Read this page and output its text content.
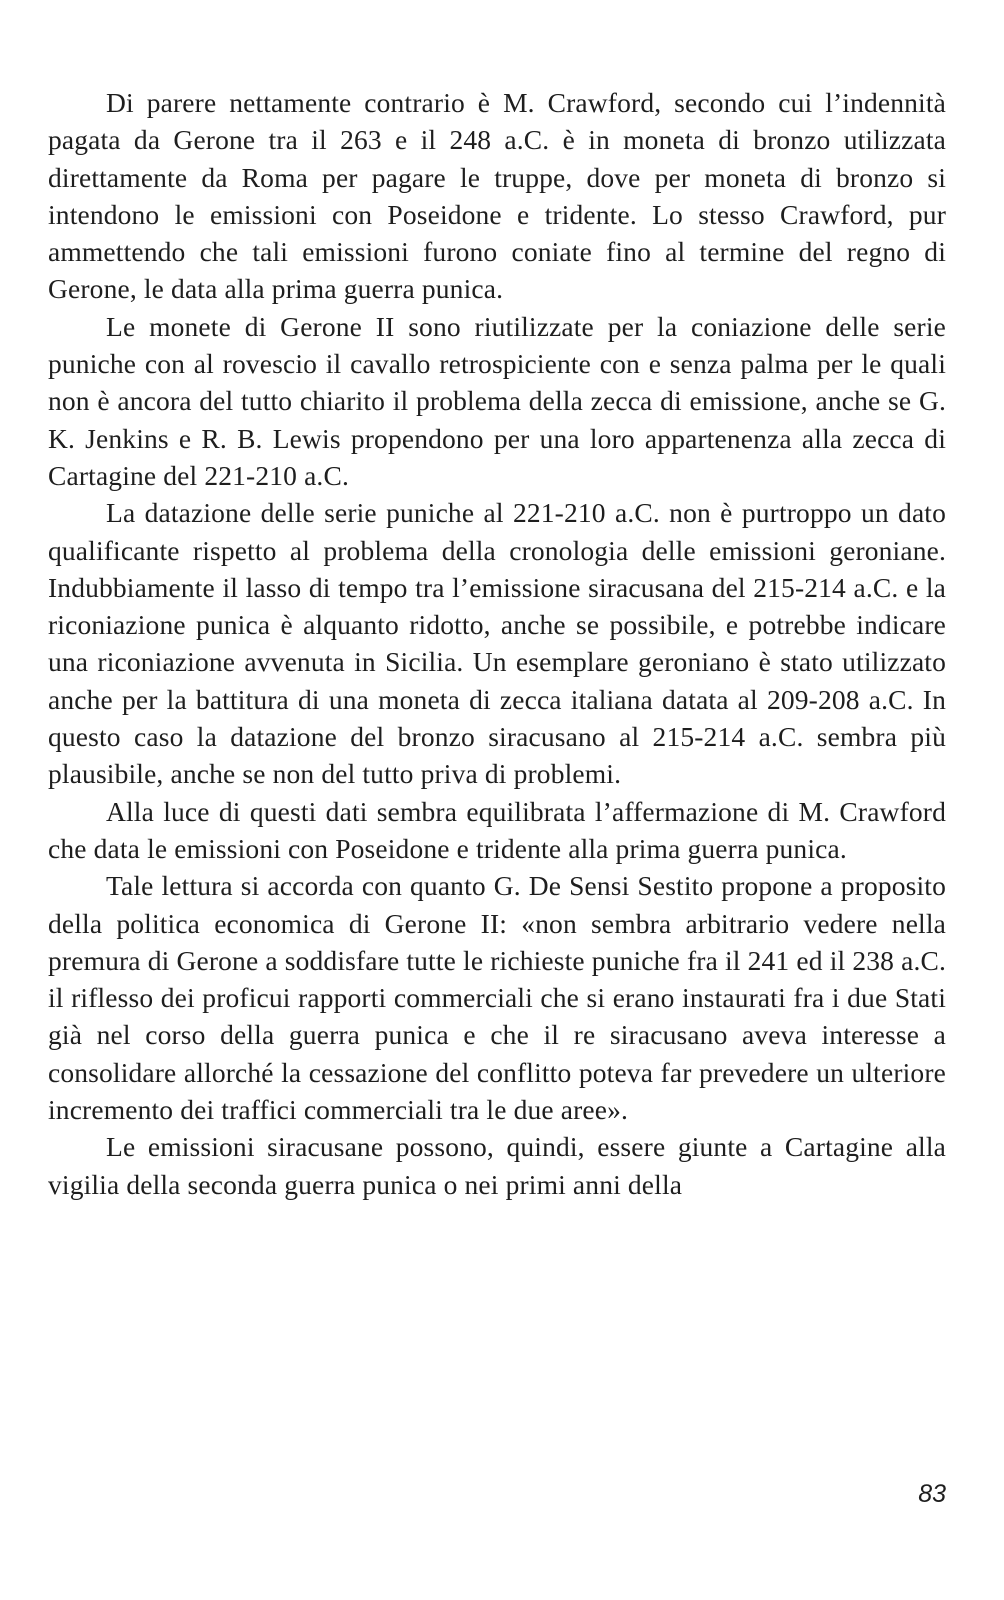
Di parere nettamente contrario è M. Crawford, secondo cui l’indennità pagata da Gerone tra il 263 e il 248 a.C. è in moneta di bronzo utilizzata direttamente da Roma per pagare le truppe, dove per moneta di bronzo si intendono le emissioni con Poseidone e tridente. Lo stesso Crawford, pur ammettendo che tali emissioni furono coniate fino al termine del regno di Gerone, le data alla prima guerra punica.

Le monete di Gerone II sono riutilizzate per la coniazione delle serie puniche con al rovescio il cavallo retrospiciente con e senza palma per le quali non è ancora del tutto chiarito il problema della zecca di emissione, anche se G. K. Jenkins e R. B. Lewis propendono per una loro appartenenza alla zecca di Cartagine del 221-210 a.C.

La datazione delle serie puniche al 221-210 a.C. non è purtroppo un dato qualificante rispetto al problema della cronologia delle emissioni geroniane. Indubbiamente il lasso di tempo tra l’emissione siracusana del 215-214 a.C. e la riconiazione punica è alquanto ridotto, anche se possibile, e potrebbe indicare una riconiazione avvenuta in Sicilia. Un esemplare geroniano è stato utilizzato anche per la battitura di una moneta di zecca italiana datata al 209-208 a.C. In questo caso la datazione del bronzo siracusano al 215-214 a.C. sembra più plausibile, anche se non del tutto priva di problemi.

Alla luce di questi dati sembra equilibrata l’affermazione di M. Crawford che data le emissioni con Poseidone e tridente alla prima guerra punica.

Tale lettura si accorda con quanto G. De Sensi Sestito propone a proposito della politica economica di Gerone II: «non sembra arbitrario vedere nella premura di Gerone a soddisfare tutte le richieste puniche fra il 241 ed il 238 a.C. il riflesso dei proficui rapporti commerciali che si erano instaurati fra i due Stati già nel corso della guerra punica e che il re siracusano aveva interesse a consolidare allorché la cessazione del conflitto poteva far prevedere un ulteriore incremento dei traffici commerciali tra le due aree».

Le emissioni siracusane possono, quindi, essere giunte a Cartagine alla vigilia della seconda guerra punica o nei primi anni della

83
